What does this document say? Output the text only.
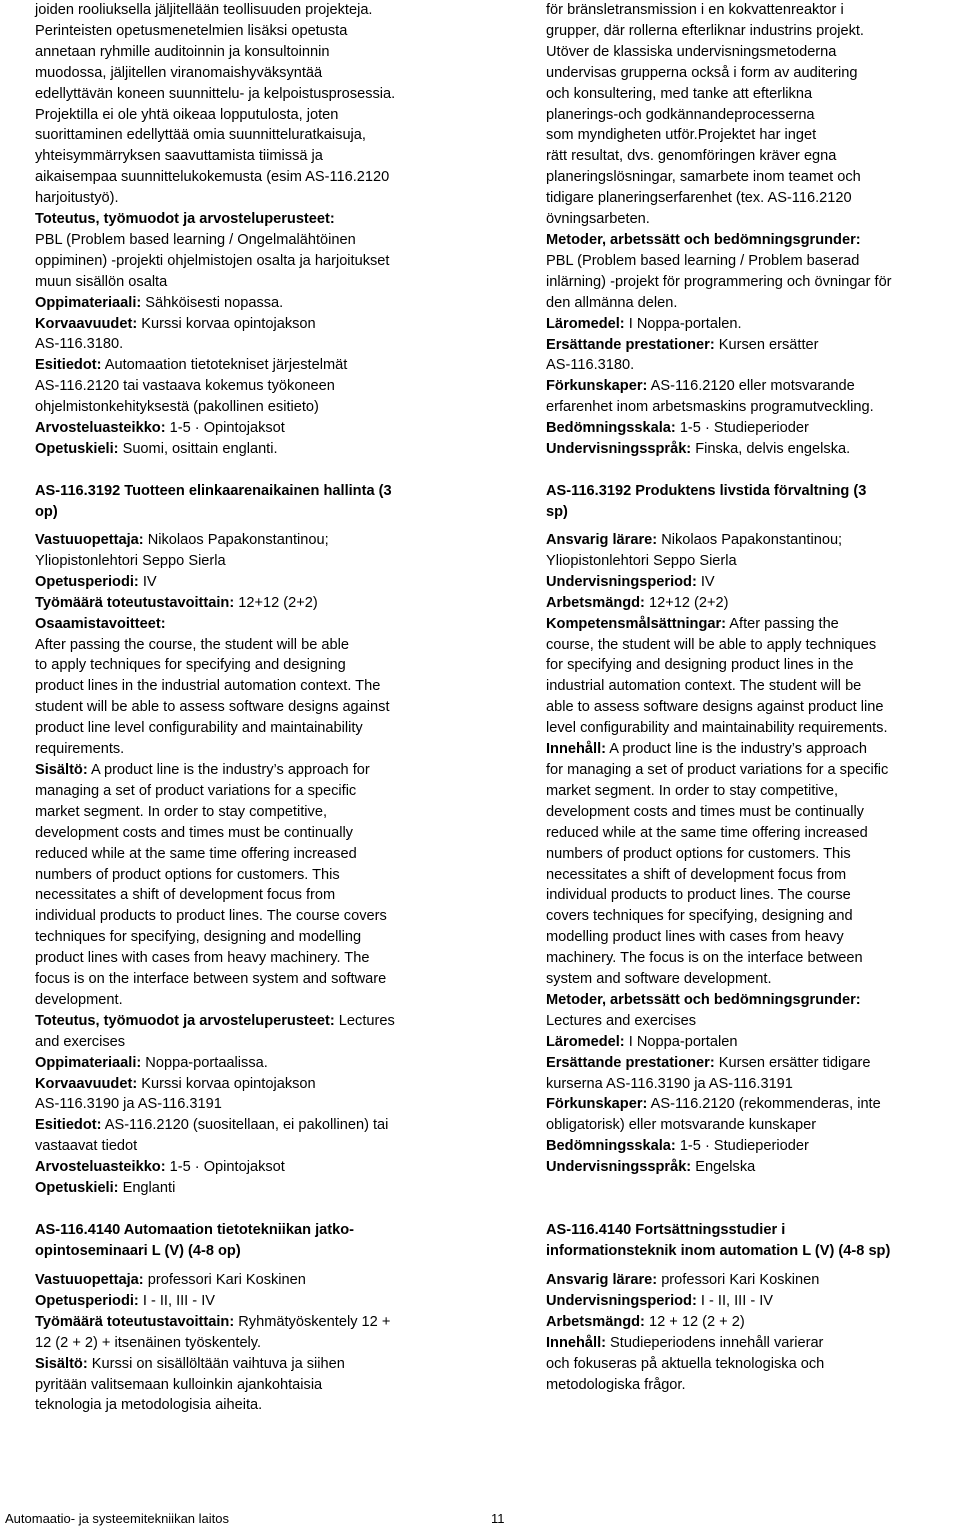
joiden rooliuksella jäljitellään teollisuuden projekteja.
Perinteisten opetusmenetelmien lisäksi opetusta
annetaan ryhmille auditoinnin ja konsultoinnin
muodossa, jäljitellen viranomaishyväksyntää
edellyttävän koneen suunnittelu- ja kelpoistusprosessia.
Projektilla ei ole yhtä oikeaa lopputulosta, joten
suorittaminen edellyttää omia suunnitteluratkaisuja,
yhteisymmärryksen saavuttamista tiimissä ja
aikaisempaa suunnittelukokemusta (esim AS-116.2120
harjoitustyö).
Toteutus, työmuodot ja arvosteluperusteet:
PBL (Problem based learning / Ongelmalähtöinen
oppiminen) -projekti ohjelmistojen osalta ja harjoitukset
muun sisällön osalta
Oppimateriaali: Sähköisesti nopassa.
Korvaavuudet: Kurssi korvaa opintojakson
AS-116.3180.
Esitiedot: Automaation tietotekniset järjestelmät
AS-116.2120 tai vastaava kokemus työkoneen
ohjelmistonkehityksestä (pakollinen esitieto)
Arvosteluasteikko: 1-5 · Opintojaksot
Opetuskieli: Suomi, osittain englanti.
AS-116.3192 Tuotteen elinkaarenaikainen hallinta (3
op)
Vastuuopettaja: Nikolaos Papakonstantinou;
Yliopistonlehtori Seppo Sierla
Opetusperiodi: IV
Työmäärä toteutustavoittain: 12+12 (2+2)
Osaamistavoitteet:
After passing the course, the student will be able
to apply techniques for specifying and designing
product lines in the industrial automation context. The
student will be able to assess software designs against
product line level configurability and maintainability
requirements.
Sisältö: A product line is the industry’s approach for
managing a set of product variations for a specific
market segment. In order to stay competitive,
development costs and times must be continually
reduced while at the same time offering increased
numbers of product options for customers. This
necessitates a shift of development focus from
individual products to product lines. The course covers
techniques for specifying, designing and modelling
product lines with cases from heavy machinery. The
focus is on the interface between system and software
development.
Toteutus, työmuodot ja arvosteluperusteet: Lectures
and exercises
Oppimateriaali: Noppa-portaalissa.
Korvaavuudet: Kurssi korvaa opintojakson
AS-116.3190 ja AS-116.3191
Esitiedot: AS-116.2120 (suositellaan, ei pakollinen) tai
vastaavat tiedot
Arvosteluasteikko: 1-5 · Opintojaksot
Opetuskieli: Englanti
AS-116.4140 Automaation tietotekniikan jatko-
opintoseminaari L (V) (4-8 op)
Vastuuopettaja: professori Kari Koskinen
Opetusperiodi: I - II, III - IV
Työmäärä toteutustavoittain: Ryhmätyöskentely 12 +
12 (2 + 2) + itsenäinen työskentely.
Sisältö: Kurssi on sisällöltään vaihtuva ja siihen
pyritään valitsemaan kulloinkin ajankohtaisia
teknologia ja metodologisia aiheita.
för bränsletransmission i en kokvattenreaktor i
grupper, där rollerna efterliknar industrins projekt.
Utöver de klassiska undervisningsmetoderna
undervisas grupperna också i form av auditering
och konsultering, med tanke att efterlikna
planerings-och godkännandeprocesserna
som myndigheten utför.Projektet har inget
rätt resultat, dvs. genomföringen kräver egna
planeringslösningar, samarbete inom teamet och
tidigare planeringserfarenhet (tex. AS-116.2120
övningsarbeten.
Metoder, arbetssätt och bedömningsgrunder:
PBL (Problem based learning / Problem baserad
inlärning) -projekt för programmering och övningar för
den allmänna delen.
Läromedel: I Noppa-portalen.
Ersättande prestationer: Kursen ersätter
AS-116.3180.
Förkunskaper: AS-116.2120 eller motsvarande
erfarenhet inom arbetsmaskins programutveckling.
Bedömningsskala: 1-5 · Studieperioder
Undervisningsspråk: Finska, delvis engelska.
AS-116.3192 Produktens livstida förvaltning (3
sp)
Ansvarig lärare: Nikolaos Papakonstantinou;
Yliopistonlehtori Seppo Sierla
Undervisningsperiod: IV
Arbetsmängd: 12+12 (2+2)
Kompetensmålsättningar: After passing the
course, the student will be able to apply techniques
for specifying and designing product lines in the
industrial automation context. The student will be
able to assess software designs against product line
level configurability and maintainability requirements.
Innehåll: A product line is the industry’s approach
for managing a set of product variations for a specific
market segment. In order to stay competitive,
development costs and times must be continually
reduced while at the same time offering increased
numbers of product options for customers. This
necessitates a shift of development focus from
individual products to product lines. The course
covers techniques for specifying, designing and
modelling product lines with cases from heavy
machinery. The focus is on the interface between
system and software development.
Metoder, arbetssätt och bedömningsgrunder:
Lectures and exercises
Läromedel: I Noppa-portalen
Ersättande prestationer: Kursen ersätter tidigare
kurserna AS-116.3190 ja AS-116.3191
Förkunskaper: AS-116.2120 (rekommenderas, inte
obligatorisk) eller motsvarande kunskaper
Bedömningsskala: 1-5 · Studieperioder
Undervisningsspråk: Engelska
AS-116.4140 Fortsättningsstudier i
informationsteknik inom automation L (V) (4-8 sp)
Ansvarig lärare: professori Kari Koskinen
Undervisningsperiod: I - II, III - IV
Arbetsmängd: 12 + 12 (2 + 2)
Innehåll: Studieperiodens innehåll varierar
och fokuseras på aktuella teknologiska och
metodologiska frågor.
Automaatio- ja systeemitekniikan laitos	11
